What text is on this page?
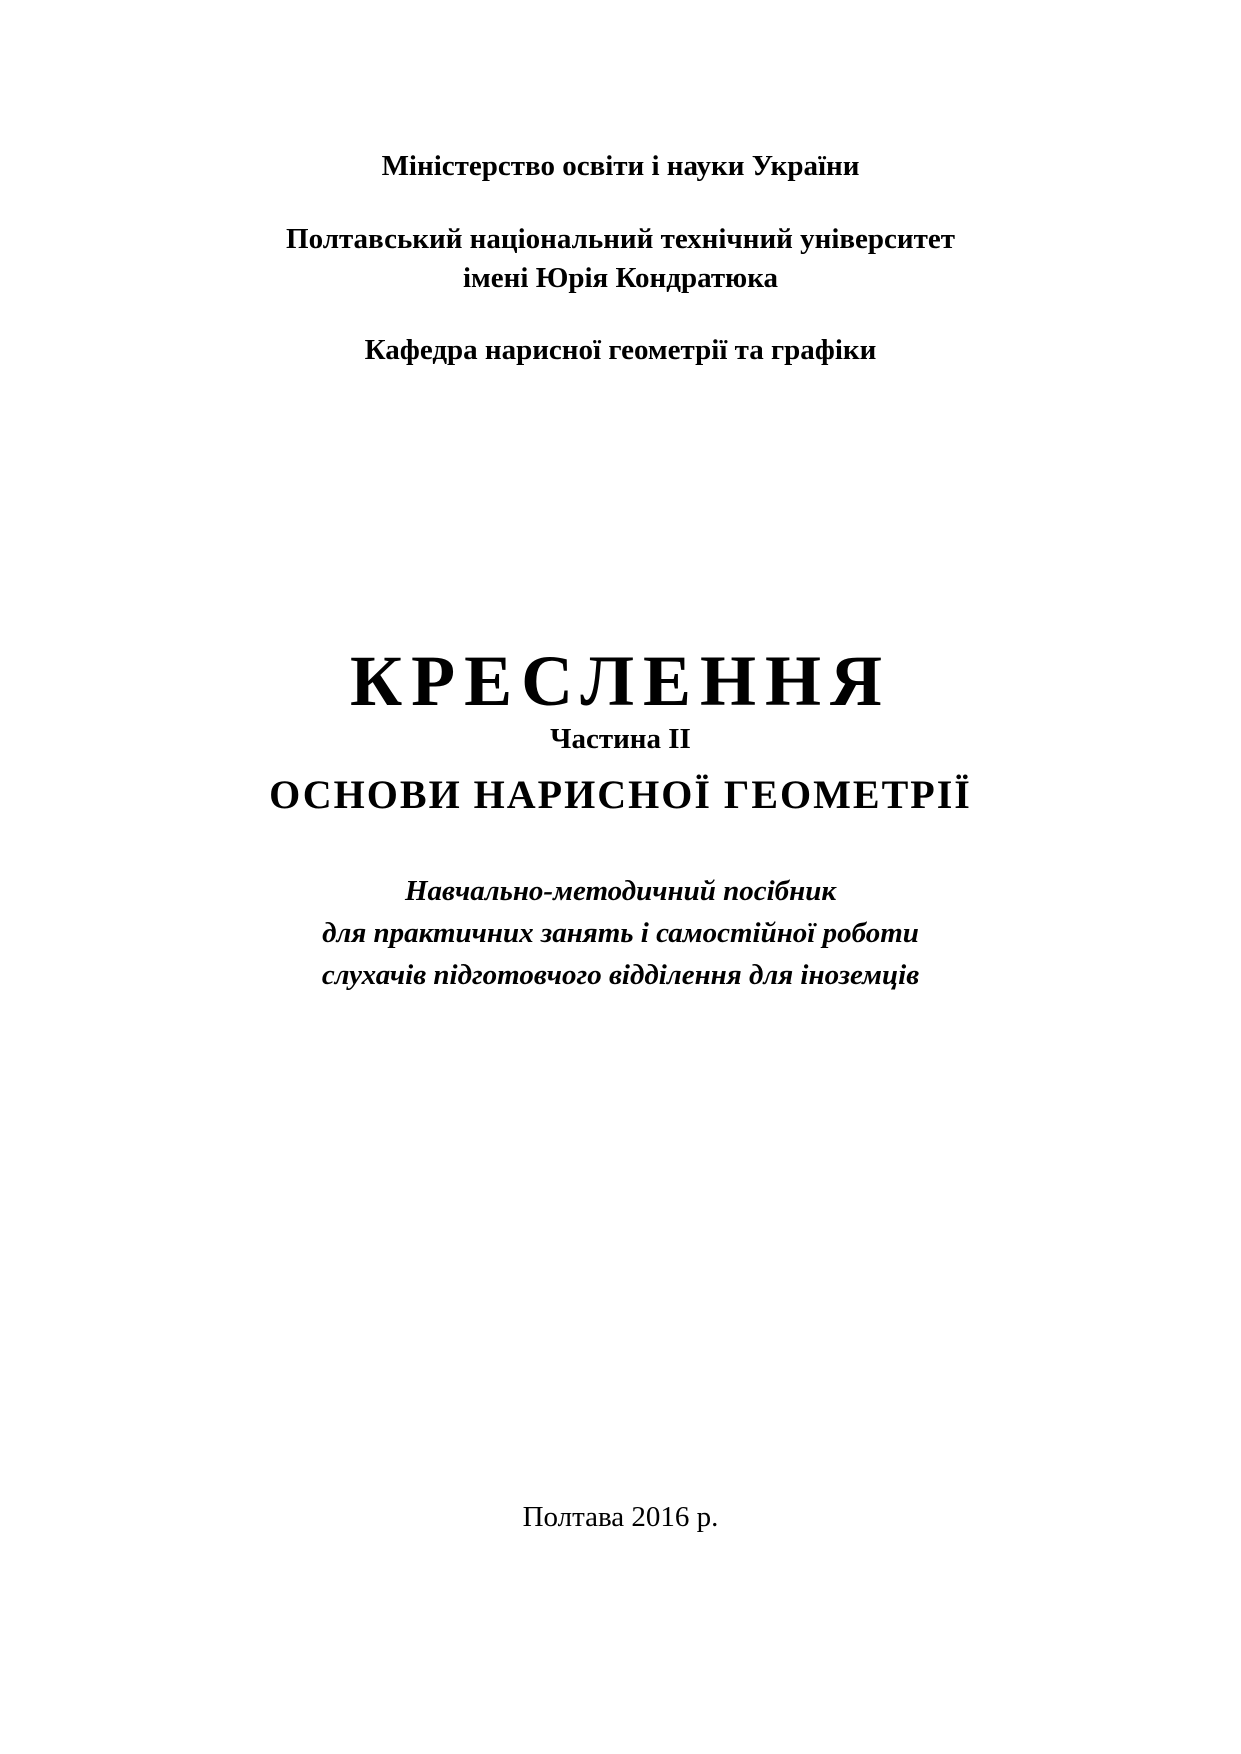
Міністерство освіти і науки України
Полтавський національний технічний університет
імені Юрія Кондратюка
Кафедра нарисної геометрії та графіки
КРЕСЛЕННЯ
Частина ІІ
ОСНОВИ НАРИСНОЇ ГЕОМЕТРІЇ
Навчально-методичний посібник
для практичних занять і самостійної роботи
слухачів підготовчого відділення для іноземців
Полтава 2016 р.
